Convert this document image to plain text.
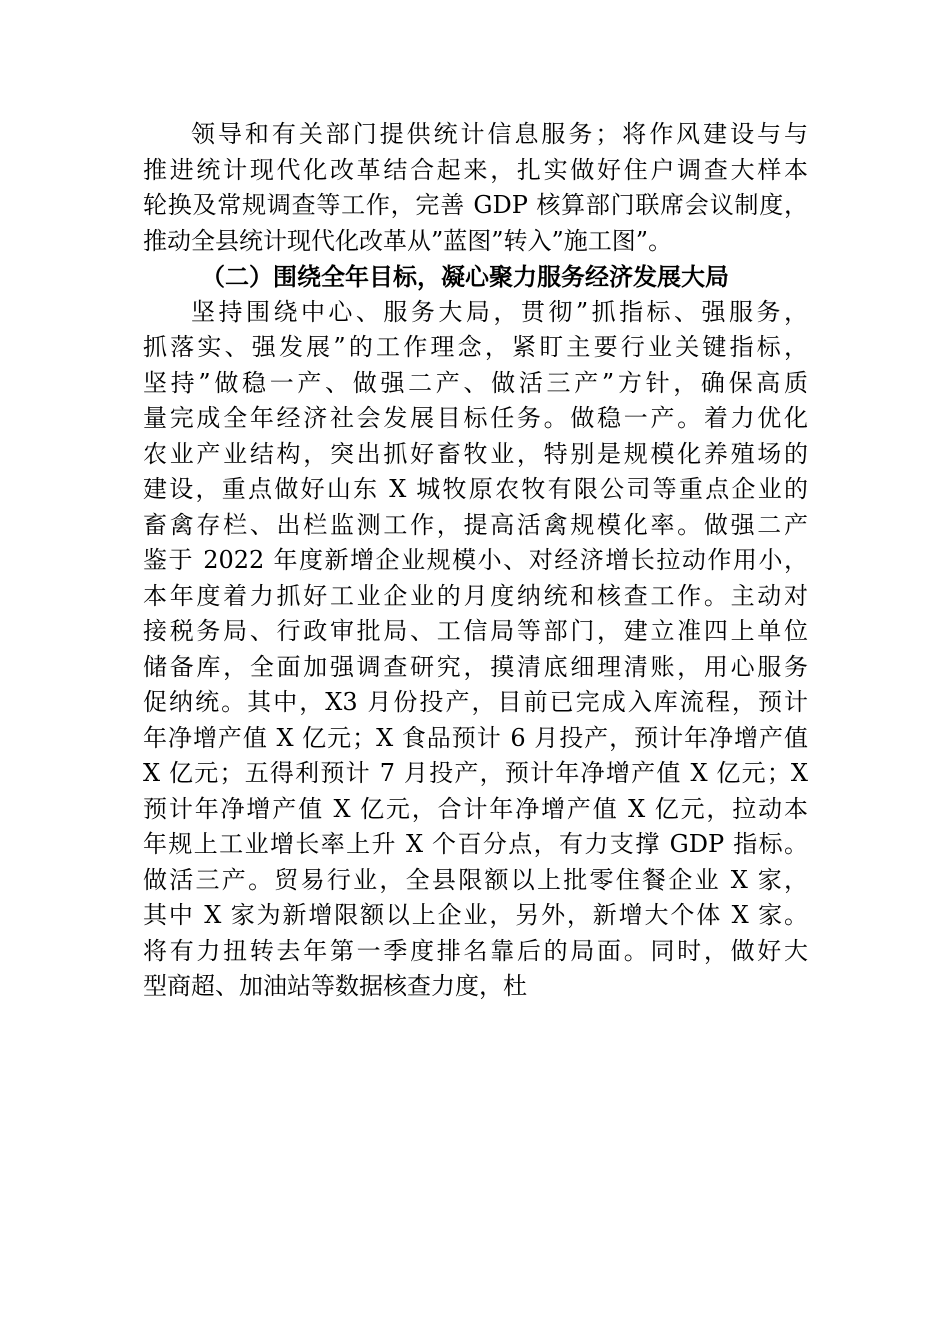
领导和有关部门提供统计信息服务；将作风建设与与
推进统计现代化改革结合起来，扎实做好住户调查大样本
轮换及常规调查等工作，完善 GDP 核算部门联席会议制度，
推动全县统计现代化改革从”蓝图”转入”施工图”。
（二）围绕全年目标，凝心聚力服务经济发展大局
坚持围绕中心、服务大局，贯彻”抓指标、强服务，
抓落实、强发展”的工作理念，紧盯主要行业关键指标，
坚持”做稳一产、做强二产、做活三产”方针，确保高质
量完成全年经济社会发展目标任务。做稳一产。着力优化
农业产业结构，突出抓好畜牧业，特别是规模化养殖场的
建设，重点做好山东 X 城牧原农牧有限公司等重点企业的
畜禽存栏、出栏监测工作，提高活禽规模化率。做强二产
鉴于 2022 年度新增企业规模小、对经济增长拉动作用小，
本年度着力抓好工业企业的月度纳统和核查工作。主动对
接税务局、行政审批局、工信局等部门，建立准四上单位
储备库，全面加强调查研究，摸清底细理清账，用心服务
促纳统。其中，X3 月份投产，目前已完成入库流程，预计
年净增产值 X 亿元；X 食品预计 6 月投产，预计年净增产值
X 亿元；五得利预计 7 月投产，预计年净增产值 X 亿元；X
预计年净增产值 X 亿元，合计年净增产值 X 亿元，拉动本
年规上工业增长率上升 X 个百分点，有力支撑 GDP 指标。
做活三产。贸易行业，全县限额以上批零住餐企业 X 家，
其中 X 家为新增限额以上企业，另外，新增大个体 X 家。
将有力扭转去年第一季度排名靠后的局面。同时，做好大
型商超、加油站等数据核查力度，杜
